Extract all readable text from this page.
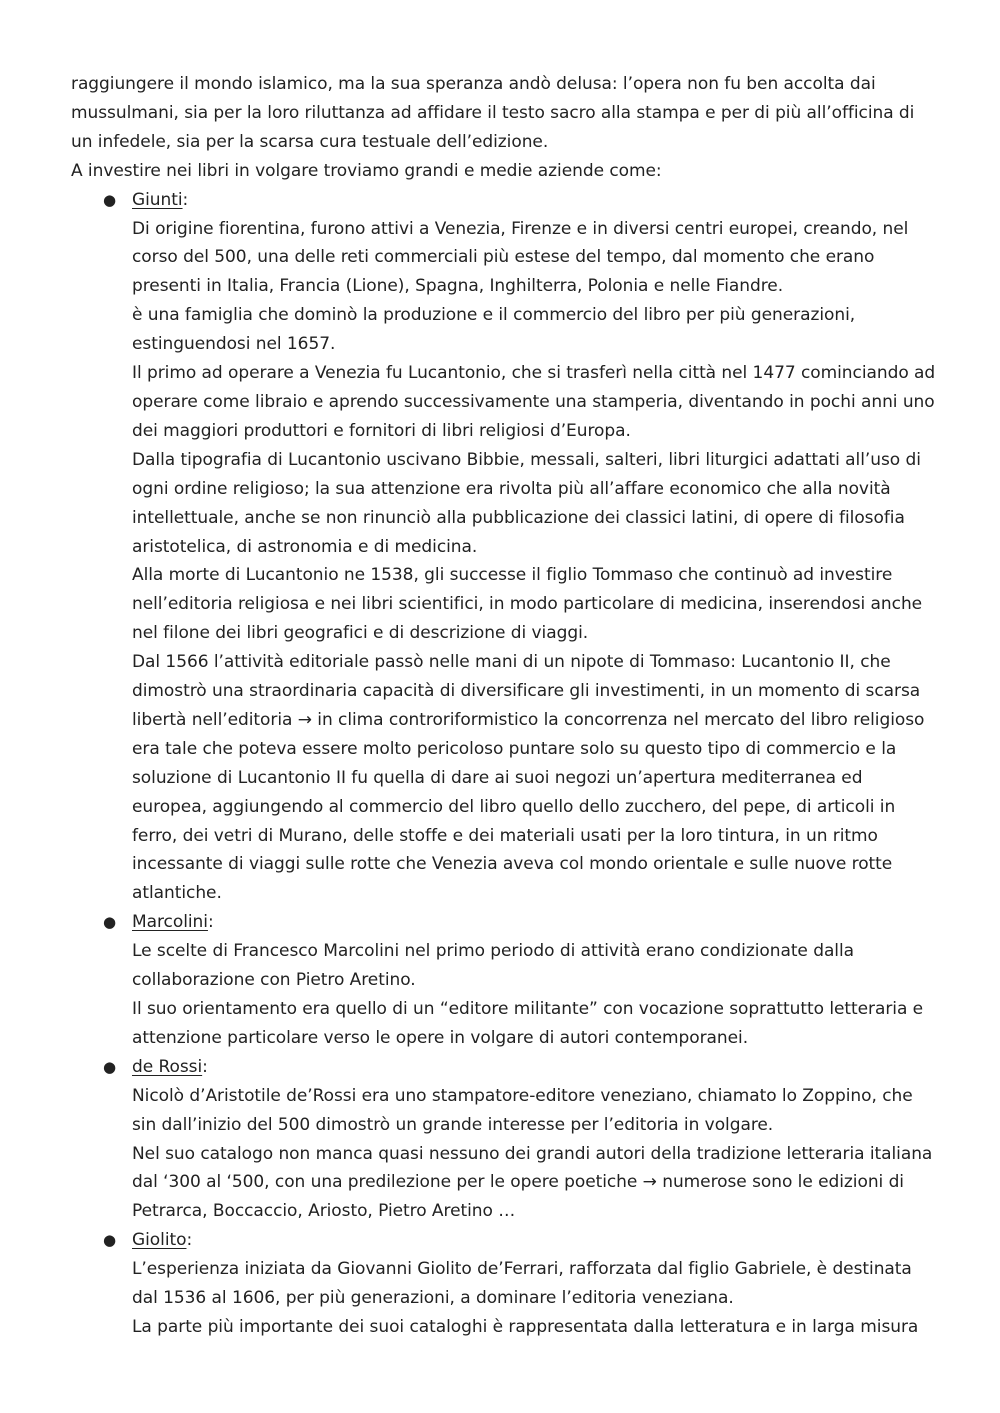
raggiungere il mondo islamico, ma la sua speranza andò delusa: l’opera non fu ben accolta dai mussulmani, sia per la loro riluttanza ad affidare il testo sacro alla stampa e per di più all’officina di un infedele, sia per la scarsa cura testuale dell’edizione.

A investire nei libri in volgare troviamo grandi e medie aziende come:

● Giunti:

Di origine fiorentina, furono attivi a Venezia, Firenze e in diversi centri europei, creando, nel corso del 500, una delle reti commerciali più estese del tempo, dal momento che erano presenti in Italia, Francia (Lione), Spagna, Inghilterra, Polonia e nelle Fiandre.

è una famiglia che dominò la produzione e il commercio del libro per più generazioni, estinguendosi nel 1657.

Il primo ad operare a Venezia fu Lucantonio, che si trasferì nella città nel 1477 cominciando ad operare come libraio e aprendo successivamente una stamperia, diventando in pochi anni uno dei maggiori produttori e fornitori di libri religiosi d’Europa.

Dalla tipografia di Lucantonio uscivano Bibbie, messali, salteri, libri liturgici adattati all’uso di ogni ordine religioso; la sua attenzione era rivolta più all’affare economico che alla novità intellettuale, anche se non rinunciò alla pubblicazione dei classici latini, di opere di filosofia aristotelica, di astronomia e di medicina.

Alla morte di Lucantonio ne 1538, gli successe il figlio Tommaso che continuò ad investire nell’editoria religiosa e nei libri scientifici, in modo particolare di medicina, inserendosi anche nel filone dei libri geografici e di descrizione di viaggi.

Dal 1566 l’attività editoriale passò nelle mani di un nipote di Tommaso: Lucantonio II, che dimostrò una straordinaria capacità di diversificare gli investimenti, in un momento di scarsa libertà nell’editoria → in clima controriformistico la concorrenza nel mercato del libro religioso era tale che poteva essere molto pericoloso puntare solo su questo tipo di commercio e la soluzione di Lucantonio II fu quella di dare ai suoi negozi un’apertura mediterranea ed europea, aggiungendo al commercio del libro quello dello zucchero, del pepe, di articoli in ferro, dei vetri di Murano, delle stoffe e dei materiali usati per la loro tintura, in un ritmo incessante di viaggi sulle rotte che Venezia aveva col mondo orientale e sulle nuove rotte atlantiche.

● Marcolini:

Le scelte di Francesco Marcolini nel primo periodo di attività erano condizionate dalla collaborazione con Pietro Aretino.

Il suo orientamento era quello di un “editore militante” con vocazione soprattutto letteraria e attenzione particolare verso le opere in volgare di autori contemporanei.

● de Rossi:

Nicolò d’Aristotile de’Rossi era uno stampatore-editore veneziano, chiamato lo Zoppino, che sin dall’inizio del 500 dimostrò un grande interesse per l’editoria in volgare.

Nel suo catalogo non manca quasi nessuno dei grandi autori della tradizione letteraria italiana dal ‘300 al ‘500, con una predilezione per le opere poetiche → numerose sono le edizioni di Petrarca, Boccaccio, Ariosto, Pietro Aretino …

● Giolito:

L’esperienza iniziata da Giovanni Giolito de’Ferrari, rafforzata dal figlio Gabriele, è destinata dal 1536 al 1606, per più generazioni, a dominare l’editoria veneziana.

La parte più importante dei suoi cataloghi è rappresentata dalla letteratura e in larga misura
